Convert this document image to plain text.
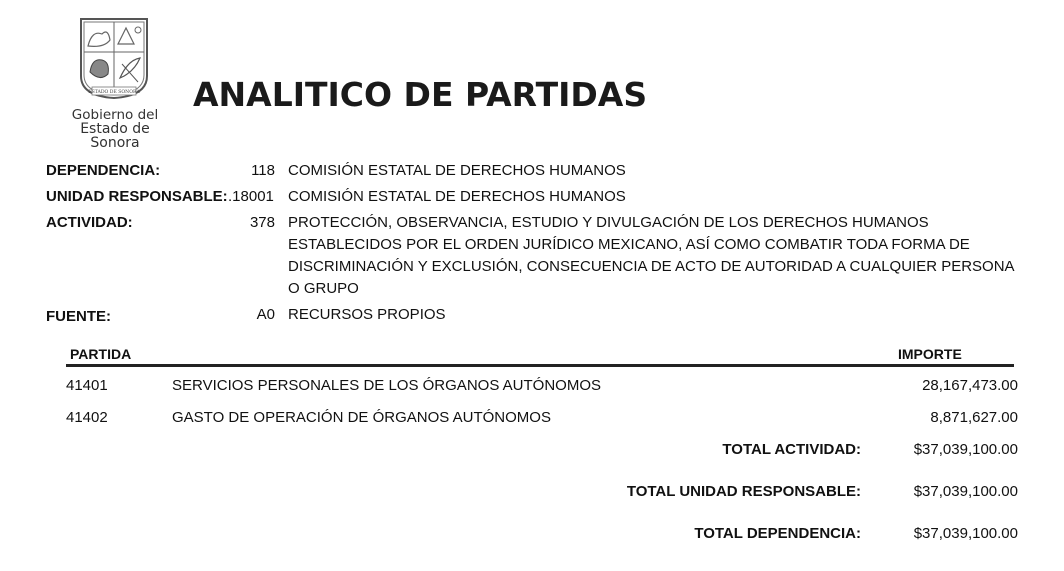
ESTADO DE SONORA
Gobierno del
Estado de Sonora
ANALITICO DE PARTIDAS
DEPENDENCIA:	118 COMISIÓN ESTATAL DE DERECHOS HUMANOS
UNIDAD RESPONSABLE: .18001 COMISIÓN ESTATAL DE DERECHOS HUMANOS
ACTIVIDAD:	378 PROTECCIÓN, OBSERVANCIA, ESTUDIO Y DIVULGACIÓN DE LOS DERECHOS HUMANOS ESTABLECIDOS POR EL ORDEN JURÍDICO MEXICANO, ASÍ COMO COMBATIR TODA FORMA DE DISCRIMINACIÓN Y EXCLUSIÓN, CONSECUENCIA DE ACTO DE AUTORIDAD A CUALQUIER PERSONA O GRUPO
FUENTE:	A0 RECURSOS PROPIOS
PARTIDA	IMPORTE
41401	SERVICIOS PERSONALES DE LOS ÓRGANOS AUTÓNOMOS	28,167,473.00
41402	GASTO DE OPERACIÓN DE ÓRGANOS AUTÓNOMOS	8,871,627.00
TOTAL ACTIVIDAD:	$37,039,100.00
TOTAL UNIDAD RESPONSABLE:	$37,039,100.00
TOTAL DEPENDENCIA:	$37,039,100.00
